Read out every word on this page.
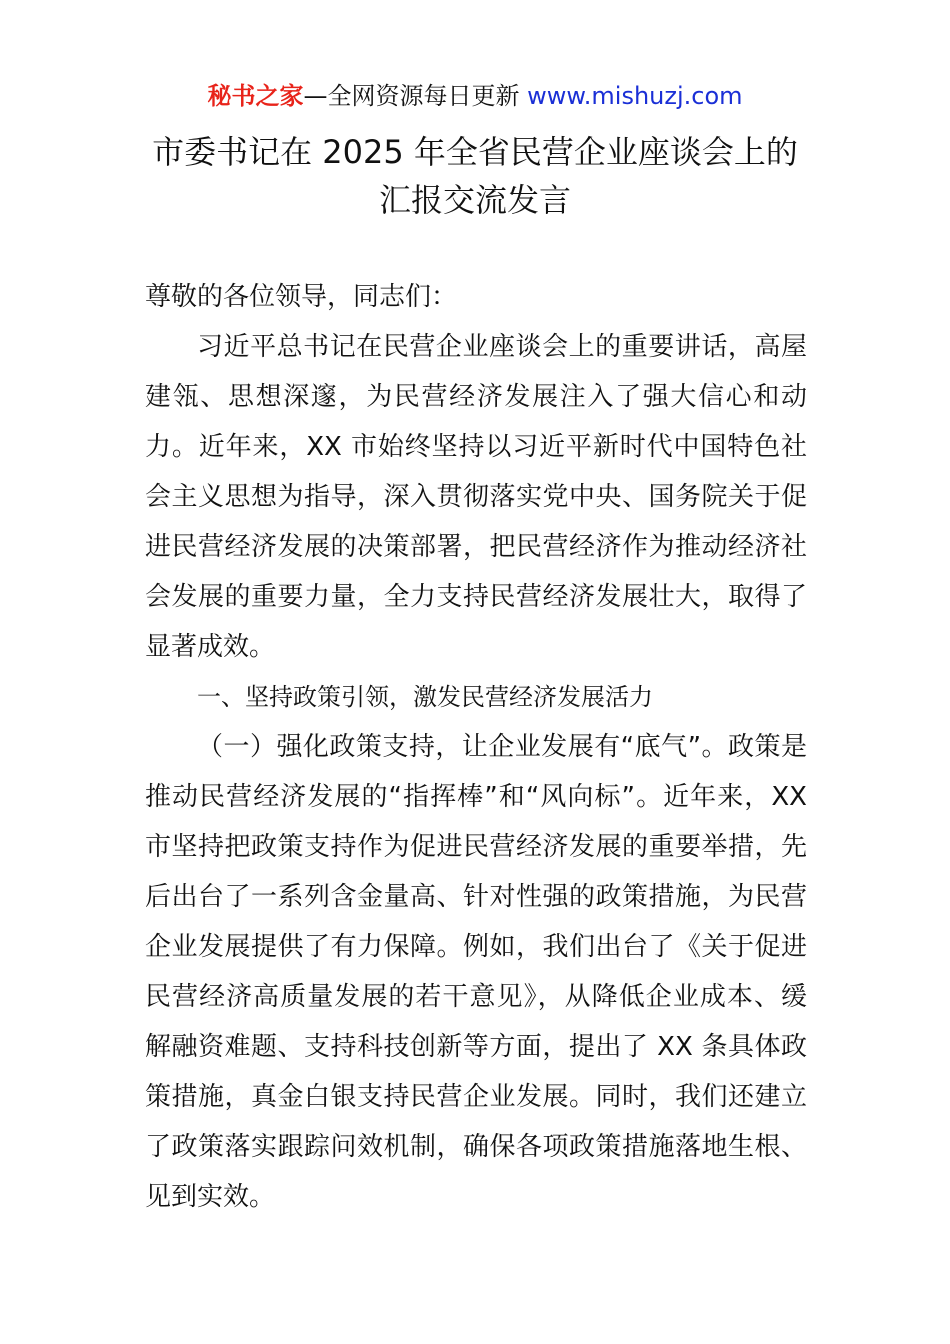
秘书之家—全网资源每日更新 www.mishuzj.com
市委书记在 2025 年全省民营企业座谈会上的
汇报交流发言

尊敬的各位领导，同志们：

习近平总书记在民营企业座谈会上的重要讲话，高屋建瓴、思想深邃，为民营经济发展注入了强大信心和动力。近年来，XX 市始终坚持以习近平新时代中国特色社会主义思想为指导，深入贯彻落实党中央、国务院关于促进民营经济发展的决策部署，把民营经济作为推动经济社会发展的重要力量，全力支持民营经济发展壮大，取得了显著成效。

一、坚持政策引领，激发民营经济发展活力

（一）强化政策支持，让企业发展有“底气”。政策是推动民营经济发展的“指挥棒”和“风向标”。近年来，XX 市坚持把政策支持作为促进民营经济发展的重要举措，先后出台了一系列含金量高、针对性强的政策措施，为民营企业发展提供了有力保障。例如，我们出台了《关于促进民营经济高质量发展的若干意见》，从降低企业成本、缓解融资难题、支持科技创新等方面，提出了 XX 条具体政策措施，真金白银支持民营企业发展。同时，我们还建立了政策落实跟踪问效机制，确保各项政策措施落地生根、见到实效。
